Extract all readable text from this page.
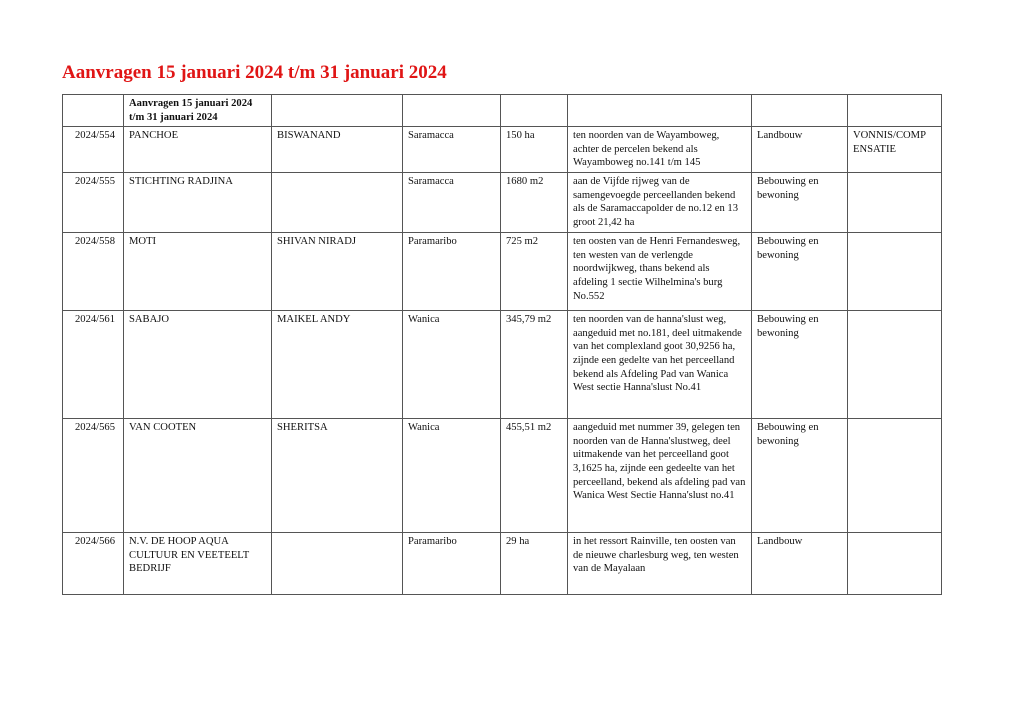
Aanvragen 15 januari 2024 t/m 31 januari 2024
	Aanvragen 15 januari 2024 t/m 31 januari 2024						
2024/554	PANCHOE	BISWANAND	Saramacca	150 ha	ten noorden van de Wayamboweg, achter de percelen bekend als Wayamboweg no.141 t/m 145	Landbouw	VONNIS/COMP ENSATIE
2024/555	STICHTING RADJINA		Saramacca	1680 m2	aan de Vijfde rijweg van de samengevoegde perceellanden bekend als de Saramaccapolder de no.12 en 13 groot 21,42 ha	Bebouwing en bewoning	
2024/558	MOTI	SHIVAN NIRADJ	Paramaribo	725 m2	ten oosten van de Henri Fernandesweg, ten westen van de verlengde noordwijkweg, thans bekend als afdeling 1 sectie Wilhelmina's burg No.552	Bebouwing en bewoning	
2024/561	SABAJO	MAIKEL ANDY	Wanica	345,79 m2	ten noorden van de hanna'slust weg, aangeduid met no.181, deel uitmakende van het complexland goot 30,9256 ha, zijnde een gedelte van het perceelland bekend als Afdeling Pad van Wanica West sectie Hanna'slust No.41	Bebouwing en bewoning	
2024/565	VAN COOTEN	SHERITSA	Wanica	455,51 m2	aangeduid met nummer 39, gelegen ten noorden van de Hanna'slustweg, deel uitmakende van het perceelland goot 3,1625 ha, zijnde een gedeelte van het perceelland, bekend als afdeling pad van Wanica West Sectie Hanna'slust no.41	Bebouwing en bewoning	
2024/566	N.V. DE HOOP AQUA CULTUUR EN VEETEELT BEDRIJF		Paramaribo	29 ha	in het ressort Rainville, ten oosten van de nieuwe charlesburg weg, ten westen van de Mayalaan	Landbouw	
